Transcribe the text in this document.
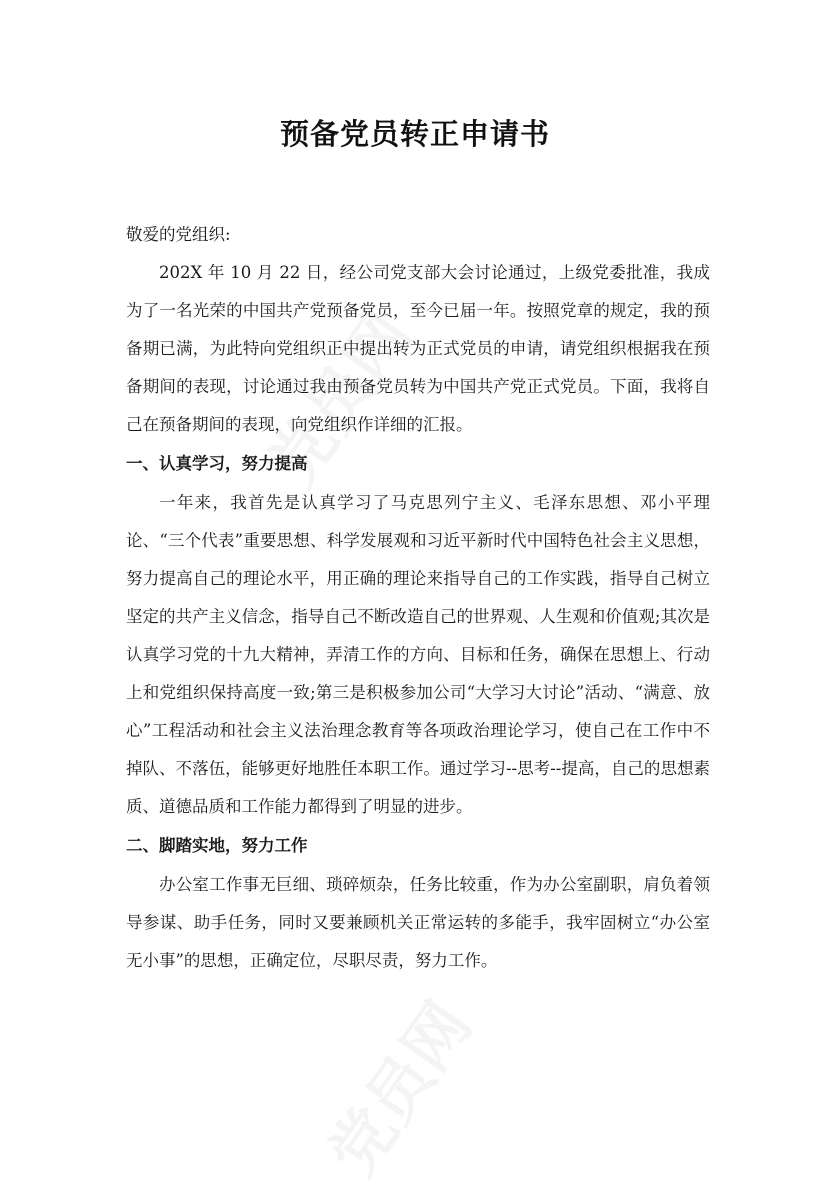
预备党员转正申请书

敬爱的党组织:

202X 年 10 月 22 日，经公司党支部大会讨论通过，上级党委批准，我成为了一名光荣的中国共产党预备党员，至今已届一年。按照党章的规定，我的预备期已满，为此特向党组织正中提出转为正式党员的申请，请党组织根据我在预备期间的表现，讨论通过我由预备党员转为中国共产党正式党员。下面，我将自己在预备期间的表现，向党组织作详细的汇报。

一、认真学习，努力提高

一年来，我首先是认真学习了马克思列宁主义、毛泽东思想、邓小平理论、“三个代表”重要思想、科学发展观和习近平新时代中国特色社会主义思想，努力提高自己的理论水平，用正确的理论来指导自己的工作实践，指导自己树立坚定的共产主义信念，指导自己不断改造自己的世界观、人生观和价值观;其次是认真学习党的十九大精神，弄清工作的方向、目标和任务，确保在思想上、行动上和党组织保持高度一致;第三是积极参加公司“大学习大讨论”活动、“满意、放心”工程活动和社会主义法治理念教育等各项政治理论学习，使自己在工作中不掉队、不落伍，能够更好地胜任本职工作。通过学习--思考--提高，自己的思想素质、道德品质和工作能力都得到了明显的进步。

二、脚踏实地，努力工作

办公室工作事无巨细、琐碎烦杂，任务比较重，作为办公室副职，肩负着领导参谋、助手任务，同时又要兼顾机关正常运转的多能手，我牢固树立“办公室无小事”的思想，正确定位，尽职尽责，努力工作。
